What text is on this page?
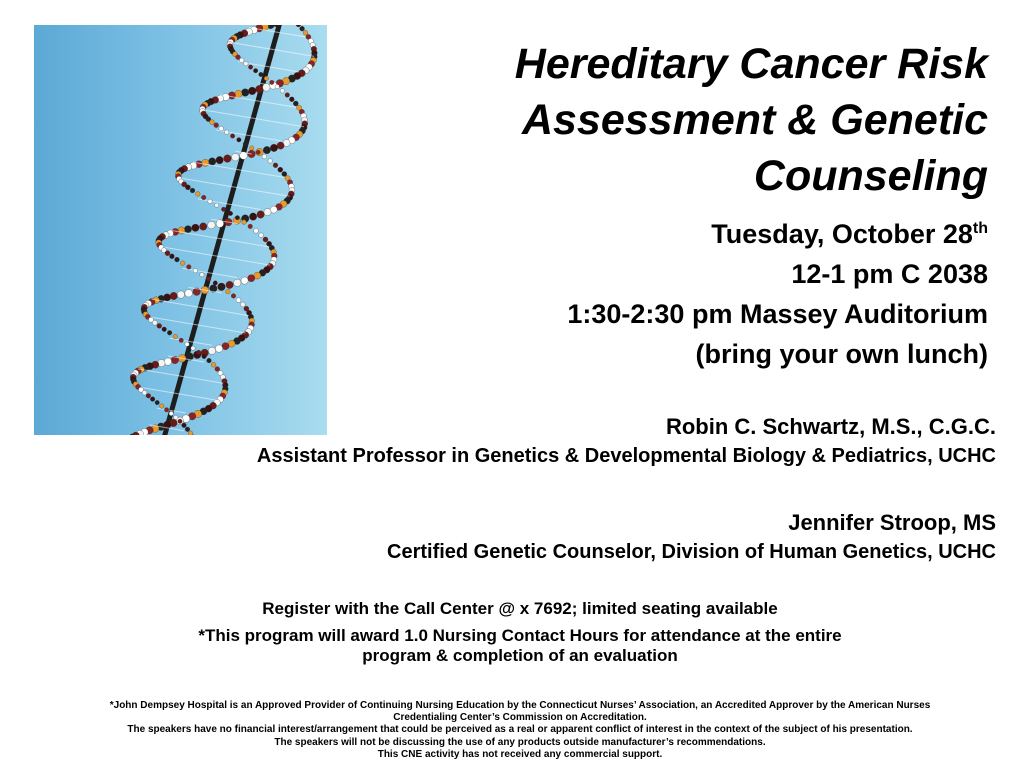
Hereditary Cancer Risk
Assessment & Genetic
Counseling
Tuesday, October 28th
12-1 pm C 2038
1:30-2:30 pm Massey Auditorium
(bring your own lunch)
Robin C. Schwartz, M.S., C.G.C.
Assistant Professor in Genetics & Developmental Biology & Pediatrics, UCHC
Jennifer Stroop, MS
Certified Genetic Counselor, Division of Human Genetics, UCHC
Register with the Call Center @ x 7692; limited seating available
*This program will award 1.0 Nursing Contact Hours for attendance at the entire
program & completion of an evaluation
*John Dempsey Hospital is an Approved Provider of Continuing Nursing Education by the Connecticut Nurses’ Association, an Accredited Approver by the American Nurses
Credentialing Center’s Commission on Accreditation.
The speakers have no financial interest/arrangement that could be perceived as a real or apparent conflict of interest in the context of the subject of his presentation.
The speakers will not be discussing the use of any products outside manufacturer’s recommendations.
This CNE activity has not received any commercial support.
